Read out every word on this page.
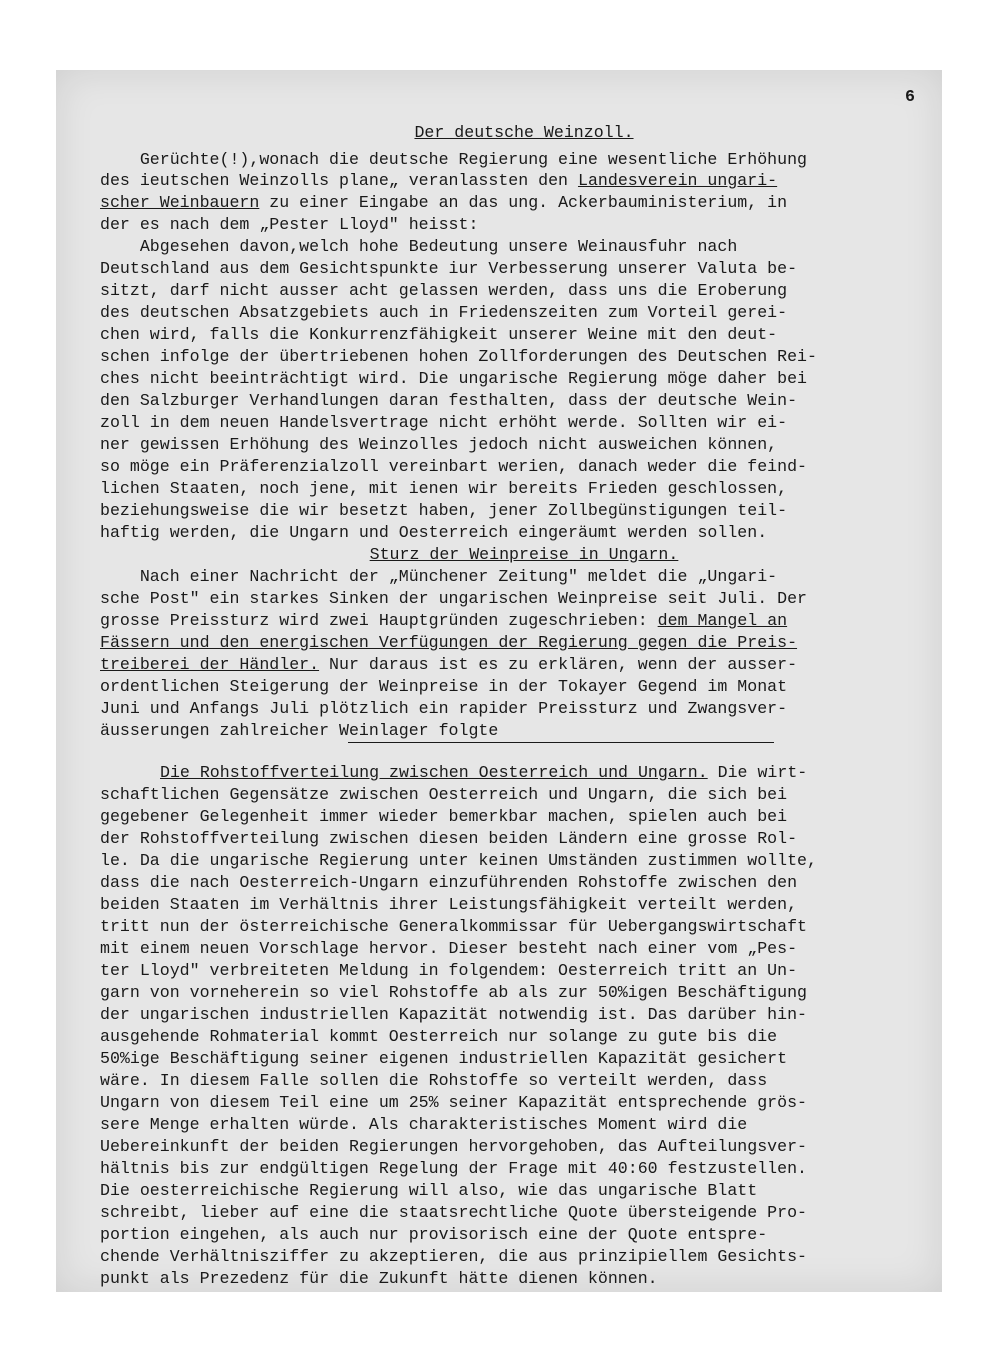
6
Der deutsche Weinzoll.
Gerüchte(!),wonach die deutsche Regierung eine wesentliche Erhöhung
des ieutschen Weinzolls plane„ veranlassten den Landesverein ungari-
scher Weinbauern zu einer Eingabe an das ung. Ackerbauministerium, in
der es nach dem „Pester Lloyd" heisst:
Abgesehen davon,welch hohe Bedeutung unsere Weinausfuhr nach
Deutschland aus dem Gesichtspunkte iur Verbesserung unserer Valuta be-
sitzt, darf nicht ausser acht gelassen werden, dass uns die Eroberung
des deutschen Absatzgebiets auch in Friedenszeiten zum Vorteil gerei-
chen wird, falls die Konkurrenzfähigkeit unserer Weine mit den deut-
schen infolge der übertriebenen hohen Zollforderungen des Deutschen Rei-
ches nicht beeinträchtigt wird. Die ungarische Regierung möge daher bei
den Salzburger Verhandlungen daran festhalten, dass der deutsche Wein-
zoll in dem neuen Handelsvertrage nicht erhöht werde. Sollten wir ei-
ner gewissen Erhöhung des Weinzolles jedoch nicht ausweichen können,
so möge ein Präferenzialzoll vereinbart werien, danach weder die feind-
lichen Staaten, noch jene, mit ienen wir bereits Frieden geschlossen,
beziehungsweise die wir besetzt haben, jener Zollbegünstigungen teil-
haftig werden, die Ungarn und Oesterreich eingeräumt werden sollen.
Sturz der Weinpreise in Ungarn.
Nach einer Nachricht der „Münchener Zeitung" meldet die „Ungari-
sche Post" ein starkes Sinken der ungarischen Weinpreise seit Juli. Der
grosse Preissturz wird zwei Hauptgründen zugeschrieben: dem Mangel an
Fässern und den energischen Verfügungen der Regierung gegen die Preis-
treiberei der Händler. Nur daraus ist es zu erklären, wenn der ausser-
ordentlichen Steigerung der Weinpreise in der Tokayer Gegend im Monat
Juni und Anfangs Juli plötzlich ein rapider Preissturz und Zwangsver-
äusserungen zahlreicher Weinlager folgte
Die Rohstoffverteilung zwischen Oesterreich und Ungarn. Die wirt-
schaftlichen Gegensätze zwischen Oesterreich und Ungarn, die sich bei
gegebener Gelegenheit immer wieder bemerkbar machen, spielen auch bei
der Rohstoffverteilung zwischen diesen beiden Ländern eine grosse Rol-
le. Da die ungarische Regierung unter keinen Umständen zustimmen wollte,
dass die nach Oesterreich-Ungarn einzuführenden Rohstoffe zwischen den
beiden Staaten im Verhältnis ihrer Leistungsfähigkeit verteilt werden,
tritt nun der österreichische Generalkommissar für Uebergangswirtschaft
mit einem neuen Vorschlage hervor. Dieser besteht nach einer vom „Pes-
ter Lloyd" verbreiteten Meldung in folgendem: Oesterreich tritt an Un-
garn von vorneherein so viel Rohstoffe ab als zur 50%igen Beschäftigung
der ungarischen industriellen Kapazität notwendig ist. Das darüber hin-
ausgehende Rohmaterial kommt Oesterreich nur solange zu gute bis die
50%ige Beschäftigung seiner eigenen industriellen Kapazität gesichert
wäre. In diesem Falle sollen die Rohstoffe so verteilt werden, dass
Ungarn von diesem Teil eine um 25% seiner Kapazität entsprechende grös-
sere Menge erhalten würde. Als charakteristisches Moment wird die
Uebereinkunft der beiden Regierungen hervorgehoben, das Aufteilungsver-
hältnis bis zur endgültigen Regelung der Frage mit 40:60 festzustellen.
Die oesterreichische Regierung will also, wie das ungarische Blatt
schreibt, lieber auf eine die staatsrechtliche Quote übersteigende Pro-
portion eingehen, als auch nur provisorisch eine der Quote entspre-
chende Verhältnisziffer zu akzeptieren, die aus prinzipiellem Gesichts-
punkt als Prezedenz für die Zukunft hätte dienen können.
